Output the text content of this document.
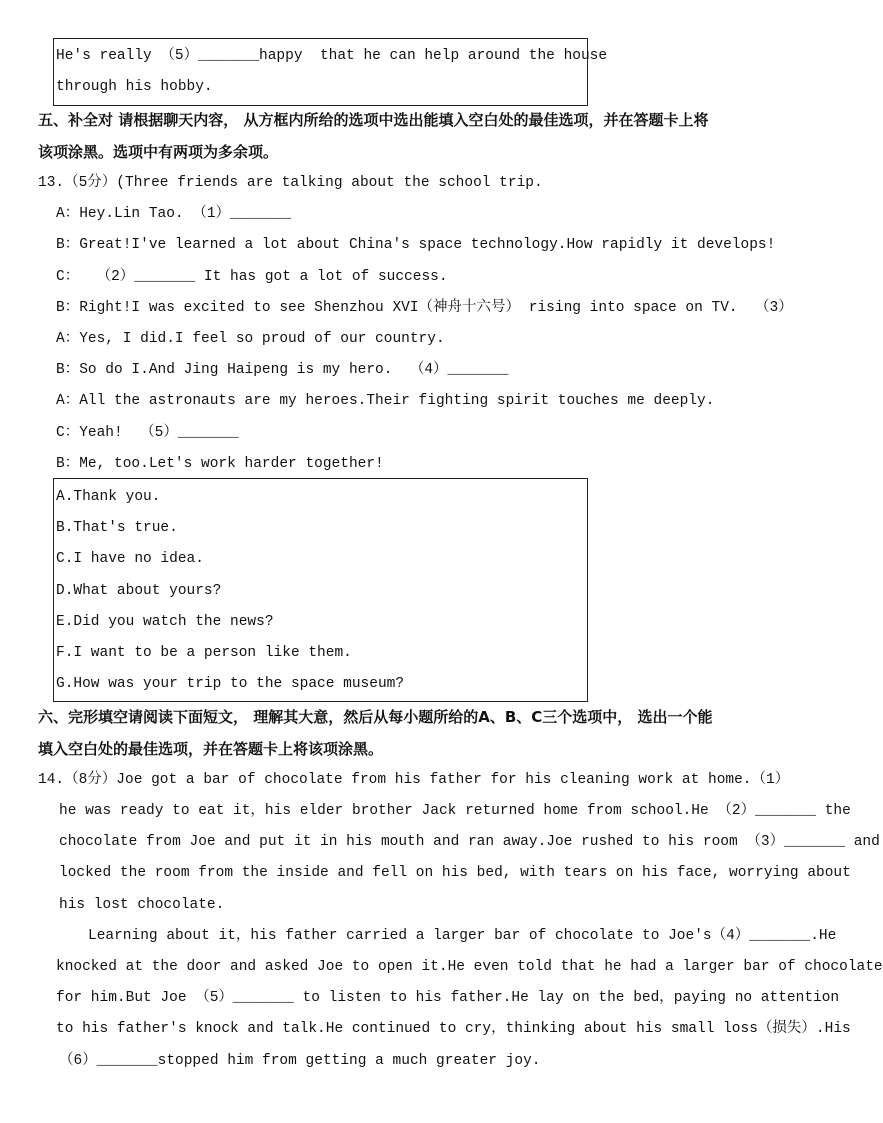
He's really （5）_______happy  that he can help around the house
through his hobby.
五、补全对 请根据聊天内容， 从方框内所给的选项中选出能填入空白处的最佳选项，并在答题卡上将
该项涂黑。选项中有两项为多余项。
13.（5分）(Three friends are talking about the school trip.
A：Hey.Lin Tao. （1）_______
B：Great!I've learned a lot about China's space technology.How rapidly it develops!
C：  （2）_______ It has got a lot of success.
B：Right!I was excited to see Shenzhou XVI（神舟十六号） rising into space on TV.  （3）
A：Yes, I did.I feel so proud of our country.
B：So do I.And Jing Haipeng is my hero.  （4）_______
A：All the astronauts are my heroes.Their fighting spirit touches me deeply.
C：Yeah!  （5）_______
B：Me, too.Let's work harder together!
A.Thank you.
B.That's true.
C.I have no idea.
D.What about yours?
E.Did you watch the news?
F.I want to be a person like them.
G.How was your trip to the space museum?
六、完形填空请阅读下面短文， 理解其大意，然后从每小题所给的A、B、C三个选项中， 选出一个能
填入空白处的最佳选项，并在答题卡上将该项涂黑。
14.（8分）Joe got a bar of chocolate from his father for his cleaning work at home.（1）
he was ready to eat it，his elder brother Jack returned home from school.He （2）_______ the
chocolate from Joe and put it in his mouth and ran away.Joe rushed to his room （3）_______ and
locked the room from the inside and fell on his bed, with tears on his face, worrying about
his lost chocolate.
Learning about it，his father carried a larger bar of chocolate to Joe's（4）_______.He
knocked at the door and asked Joe to open it.He even told that he had a larger bar of chocolate
for him.But Joe （5）_______ to listen to his father.He lay on the bed，paying no attention
to his father's knock and talk.He continued to cry，thinking about his small loss（损失）.His
（6）_______stopped him from getting a much greater joy.
